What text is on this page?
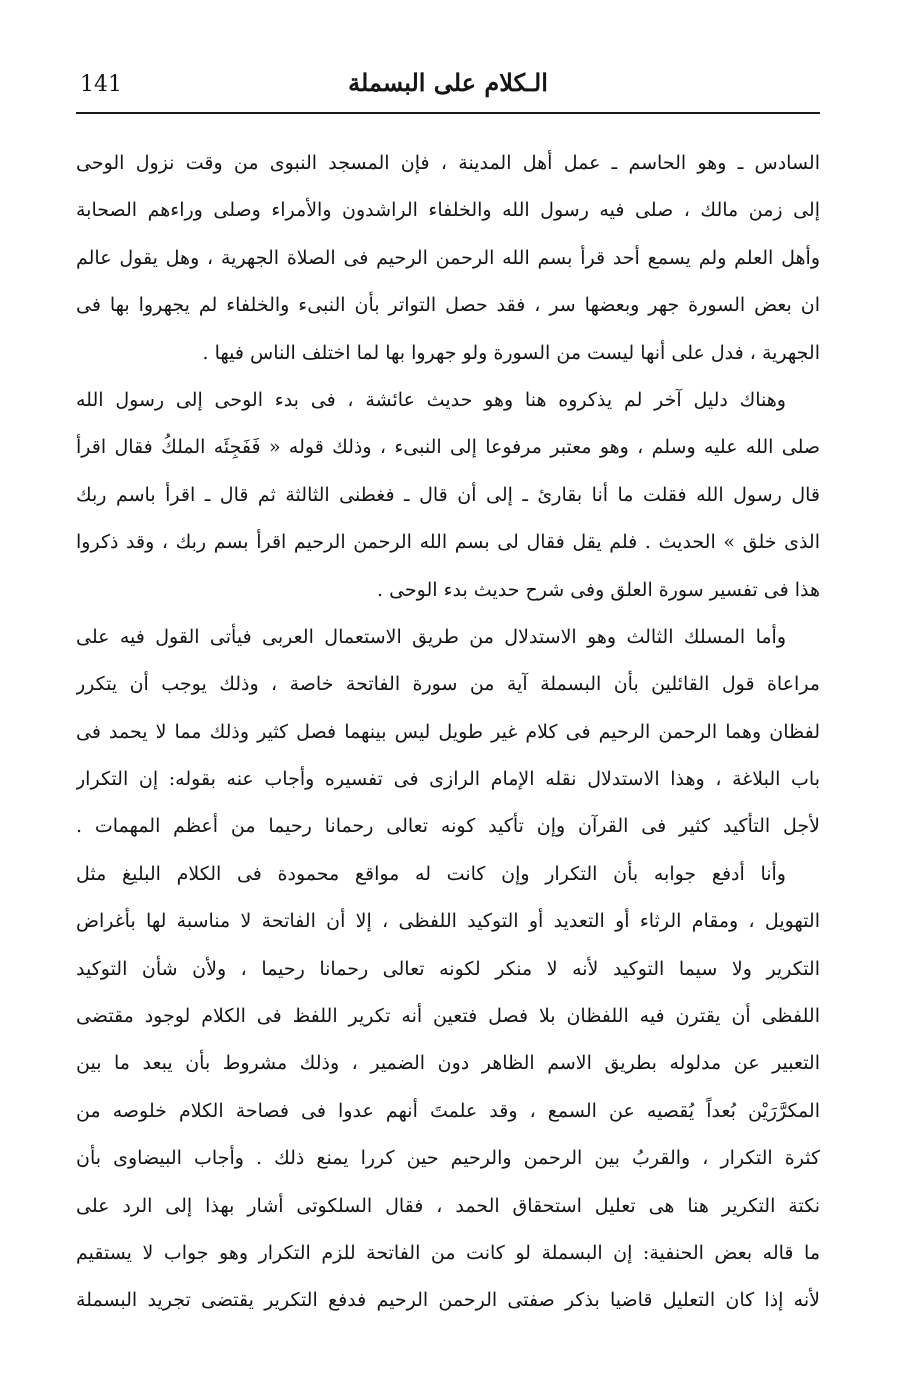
141	الـكلام على البسملة
السادس ـ وهو الحاسم ـ عمل أهل المدينة ، فإن المسجد النبوى من وقت نزول الوحى
إلى زمن مالك ، صلى فيه رسول الله والخلفاء الراشدون والأمراء وصلى وراءهم الصحابة
وأهل العلم ولم يسمع أحد قرأ بسم الله الرحمن الرحيم فى الصلاة الجهرية ، وهل يقول عالم
ان بعض السورة جهر وبعضها سر ، فقد حصل التواتر بأن النبىء والخلفاء لم يجهروا بها فى
الجهرية ، فدل على أنها ليست من السورة ولو جهروا بها لما اختلف الناس فيها .
وهناك دليل آخر لم يذكروه هنا وهو حديث عائشة ، فى بدء الوحى إلى رسول الله
صلى الله عليه وسلم ، وهو معتبر مرفوعا إلى النبىء ، وذلك قوله « فَفَجِئَه الملكُ فقال اقرأ
قال رسول الله فقلت ما أنا بقارئ ـ إلى أن قال ـ فغطنى الثالثة ثم قال ـ اقرأ باسم ربك
الذى خلق » الحديث . فلم يقل فقال لى بسم الله الرحمن الرحيم اقرأ بسم ربك ، وقد ذكروا
هذا فى تفسير سورة العلق وفى شرح حديث بدء الوحى .
وأما المسلك الثالث وهو الاستدلال من طريق الاستعمال العربى فيأتى القول فيه على
مراعاة قول القائلين بأن البسملة آية من سورة الفاتحة خاصة ، وذلك يوجب أن يتكرر
لفظان وهما الرحمن الرحيم فى كلام غير طويل ليس بينهما فصل كثير وذلك مما لا يحمد فى
باب البلاغة ، وهذا الاستدلال نقله الإمام الرازى فى تفسيره وأجاب عنه بقوله: إن التكرار
لأجل التأكيد كثير فى القرآن وإن تأكيد كونه تعالى رحمانا رحيما من أعظم المهمات .
وأنا أدفع جوابه بأن التكرار وإن كانت له مواقع محمودة فى الكلام البليغ مثل
التهويل ، ومقام الرثاء أو التعديد أو التوكيد اللفظى ، إلا أن الفاتحة لا مناسبة لها بأغراض
التكرير ولا سيما التوكيد لأنه لا منكر لكونه تعالى رحمانا رحيما ، ولأن شأن التوكيد
اللفظى أن يقترن فيه اللفظان بلا فصل فتعين أنه تكرير اللفظ فى الكلام لوجود مقتضى
التعبير عن مدلوله بطريق الاسم الظاهر دون الضمير ، وذلك مشروط بأن يبعد ما بين
المكرَّرَيْن بُعداً يُقصيه عن السمع ، وقد علمتَ أنهم عدوا فى فصاحة الكلام خلوصه من
كثرة التكرار ، والقربُ بين الرحمن والرحيم حين كررا يمنع ذلك . وأجاب البيضاوى بأن
نكتة التكرير هنا هى تعليل استحقاق الحمد ، فقال السلكوتى أشار بهذا إلى الرد على
ما قاله بعض الحنفية: إن البسملة لو كانت من الفاتحة للزم التكرار وهو جواب لا يستقيم
لأنه إذا كان التعليل قاضيا بذكر صفتى الرحمن الرحيم فدفع التكرير يقتضى تجريد البسملة
